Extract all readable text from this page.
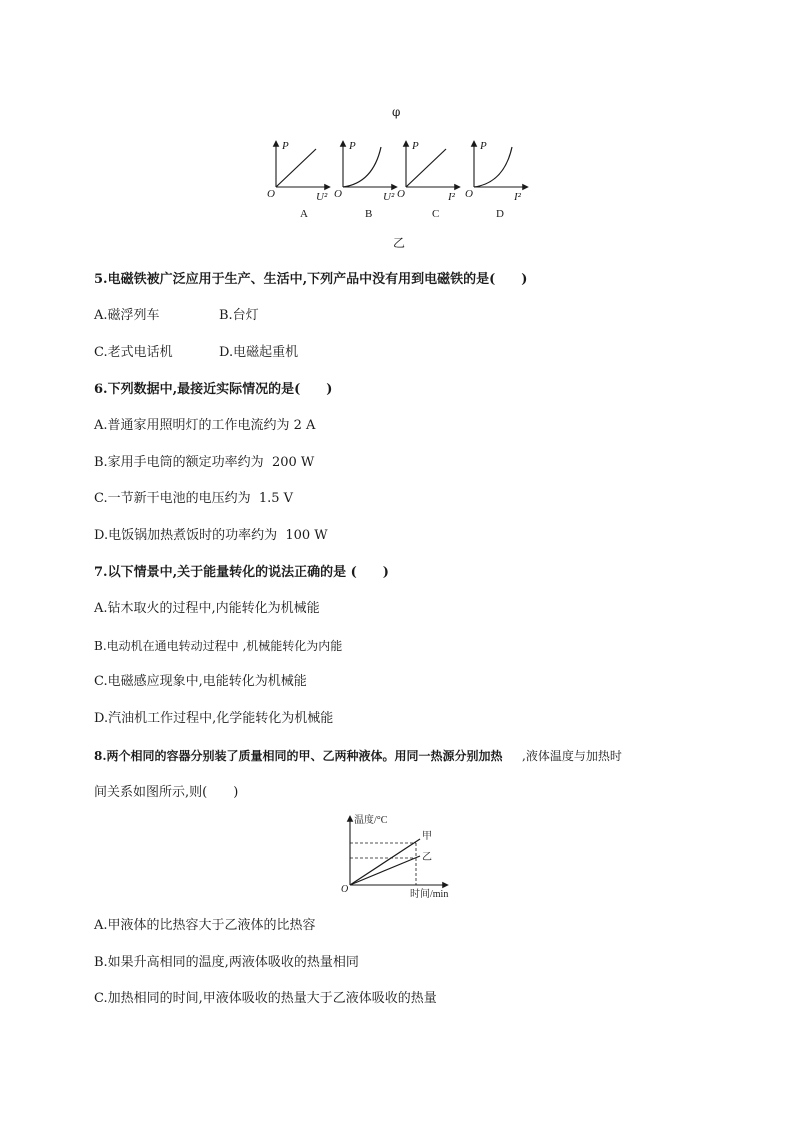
φ
P
O	U²
A
P
O	U²
B
P
O	I²
C
P
O	I²
D
乙
5.电磁铁被广泛应用于生产、生活中,下列产品中没有用到电磁铁的是(　　)
A.磁浮列车	B.台灯
C.老式电话机	D.电磁起重机
6.下列数据中,最接近实际情况的是(　　)
A.普通家用照明灯的工作电流约为 2 A
B.家用手电筒的额定功率约为  200 W
C.一节新干电池的电压约为  1.5 V
D.电饭锅加热煮饭时的功率约为  100 W
7.以下情景中,关于能量转化的说法正确的是 (　　)
A.钻木取火的过程中,内能转化为机械能
B.电动机在通电转动过程中 ,机械能转化为内能
C.电磁感应现象中,电能转化为机械能
D.汽油机工作过程中,化学能转化为机械能
8.两个相同的容器分别装了质量相同的甲、乙两种液体。用同一热源分别加热 ,液体温度与加热时
间关系如图所示,则(　　)
温度/°C
时间/min
O
甲
乙
A.甲液体的比热容大于乙液体的比热容
B.如果升高相同的温度,两液体吸收的热量相同
C.加热相同的时间,甲液体吸收的热量大于乙液体吸收的热量
